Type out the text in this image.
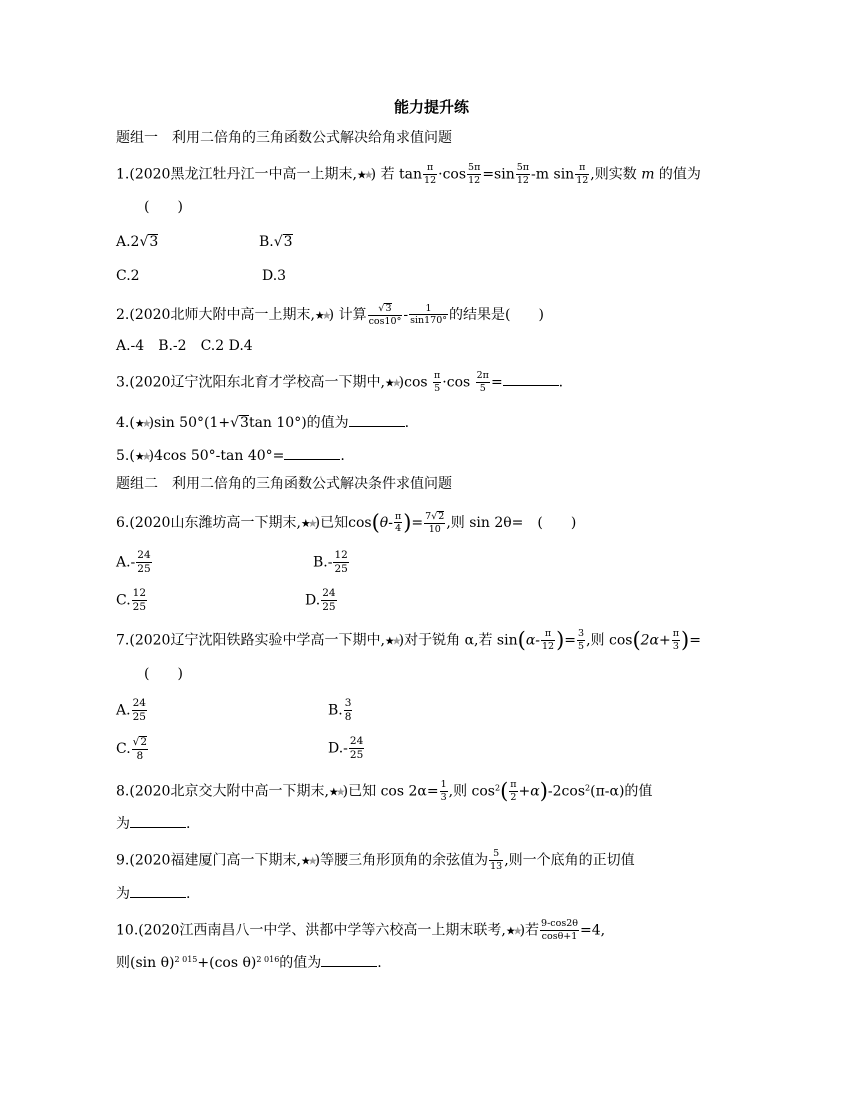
能力提升练
题组一　利用二倍角的三角函数公式解决给角求值问题
1.(2020黑龙江牡丹江一中高一上期末,★★) 若 $\tan \frac{\pi}{12} \cdot\cos \frac{5\pi}{12} =\sin \frac{5\pi}{12} -m$ $\sin \frac{\pi}{12}$ ,则实数 m 的值为
(　　)
A.2√3	B.√3
C.2	D.3
2.(2020北师大附中高一上期末,★★) 计算 $\frac{√3}{\cos 10^\circ} - \frac{1}{\sin 170^\circ}$ 的结果是(　　)
A.-4　B.-2　C.2 D.4
3.(2020辽宁沈阳东北育才学校高一下期中,★★)cos $\frac{\pi}{5} \cdot\cos \frac{2\pi}{5}$ =	.
4.(★★)sin 50°(1+√3tan 10°)的值为	.
5.(★★)4cos 50°-tan 40°=	.
题组二　利用二倍角的三角函数公式解决条件求值问题
6.(2020山东潍坊高一下期末,★★)已知$\cos(\theta- \frac{\pi}{4}$ )= $\frac{7√2}{10}$ ,则 sin 2θ=　(　　)
$A.- \frac{24}{25}$	$B.- \frac{12}{25}$
C. $\frac{12}{25}$	D. $\frac{24}{25}$
7.(2020辽宁沈阳铁路实验中学高一下期中,★★)对于锐角 α,若 $\sin(\alpha- \frac{\pi}{12}$ )= $\frac{3}{5}$ ,则 $\cos(2\alpha+ \frac{\pi}{3}$ )=
(　　)
A. $\frac{24}{25}$	B. $\frac{3}{8}$
C. $\frac{√2}{8}$	$D.- \frac{24}{25}$
8.(2020北京交大附中高一下期末,★★)已知 $\cos 2\alpha= \frac{1}{3}$ ,则 $\cos^2( \frac{\pi}{2} +\alpha)-2\cos^2(\pi-\alpha)$的值
为	.
9.(2020福建厦门高一下期末,★★)等腰三角形顶角的余弦值为 $\frac{5}{13}$ ,则一个底角的正切值
为	.
10.(2020江西南昌八一中学、洪都中学等六校高一上期末联考,★★)若 $\frac{9-\cos 2\theta}{\cos\theta+1} =4$,
则(sin θ)$^{2 015}$+(cos θ)$^{2 016}$的值为	.
